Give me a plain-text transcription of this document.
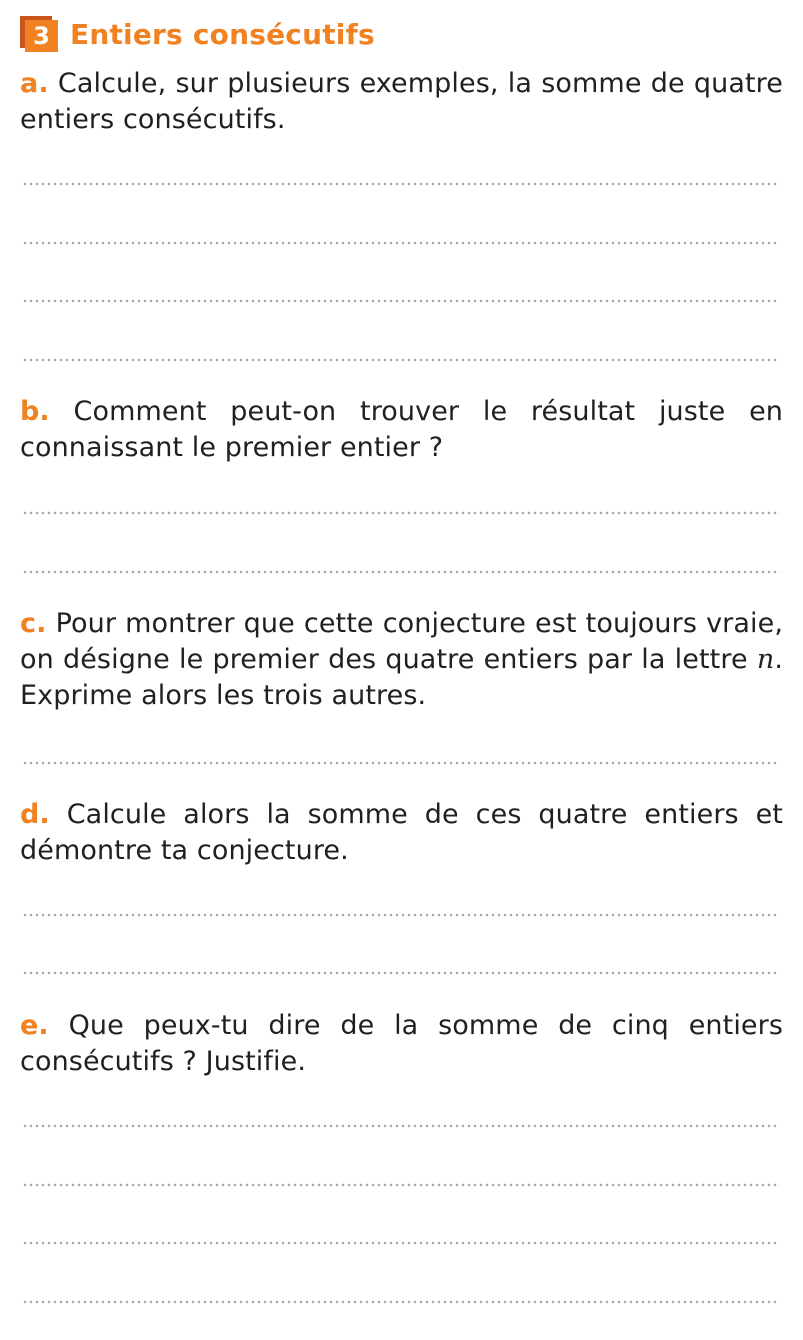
3 Entiers consécutifs
a. Calcule, sur plusieurs exemples, la somme de quatre entiers consécutifs.
b. Comment peut-on trouver le résultat juste en connaissant le premier entier ?
c. Pour montrer que cette conjecture est toujours vraie, on désigne le premier des quatre entiers par la lettre n. Exprime alors les trois autres.
d. Calcule alors la somme de ces quatre entiers et démontre ta conjecture.
e. Que peux-tu dire de la somme de cinq entiers consécutifs ? Justifie.
